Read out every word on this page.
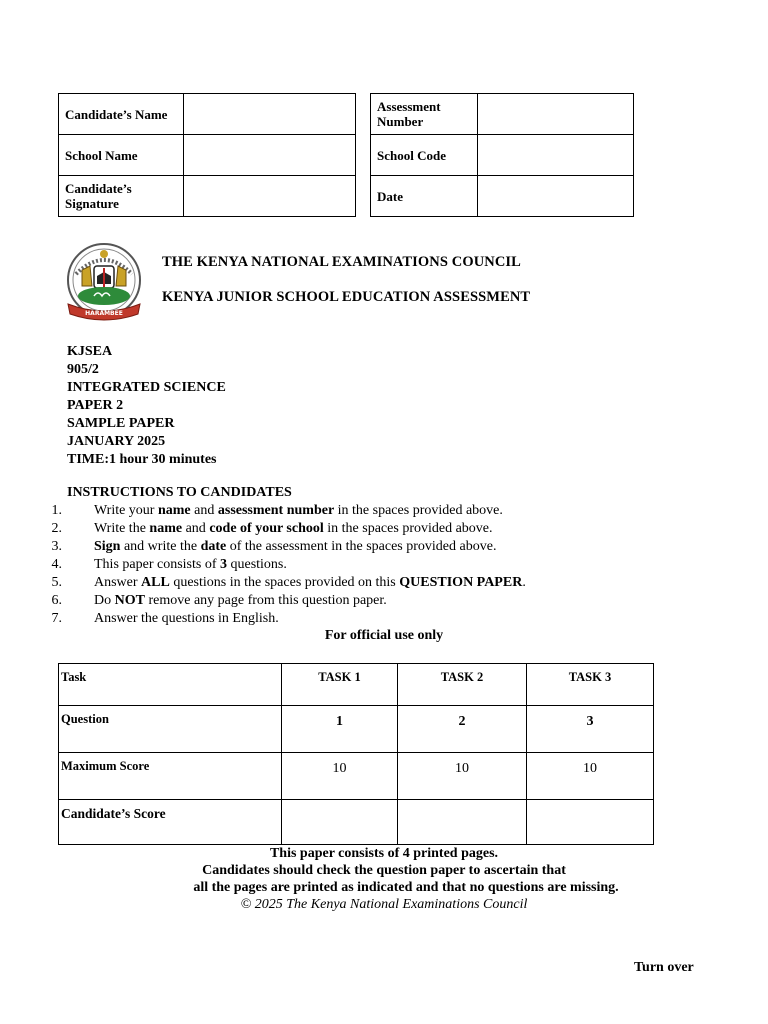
Candidate’s Name	
School Name	
Candidate’s Signature	
Assessment Number	
School Code	
Date	
HARAMBEE
THE KENYA NATIONAL EXAMINATIONS COUNCIL
KENYA JUNIOR SCHOOL EDUCATION ASSESSMENT
KJSEA
905/2
INTEGRATED SCIENCE
PAPER 2
SAMPLE PAPER
JANUARY 2025
TIME:1 hour 30 minutes
INSTRUCTIONS TO CANDIDATES
1. Write your name and assessment number in the spaces provided above.
2. Write the name and code of your school in the spaces provided above.
3. Sign and write the date of the assessment in the spaces provided above.
4. This paper consists of 3 questions.
5. Answer ALL questions in the spaces provided on this QUESTION PAPER.
6. Do NOT remove any page from this question paper.
7. Answer the questions in English.
For official use only
Task	TASK 1	TASK 2	TASK 3
Question	1	2	3
Maximum Score	10	10	10
Candidate’s Score			
This paper consists of 4 printed pages.
Candidates should check the question paper to ascertain that
all the pages are printed as indicated and that no questions are missing.
© 2025 The Kenya National Examinations Council
Turn over
